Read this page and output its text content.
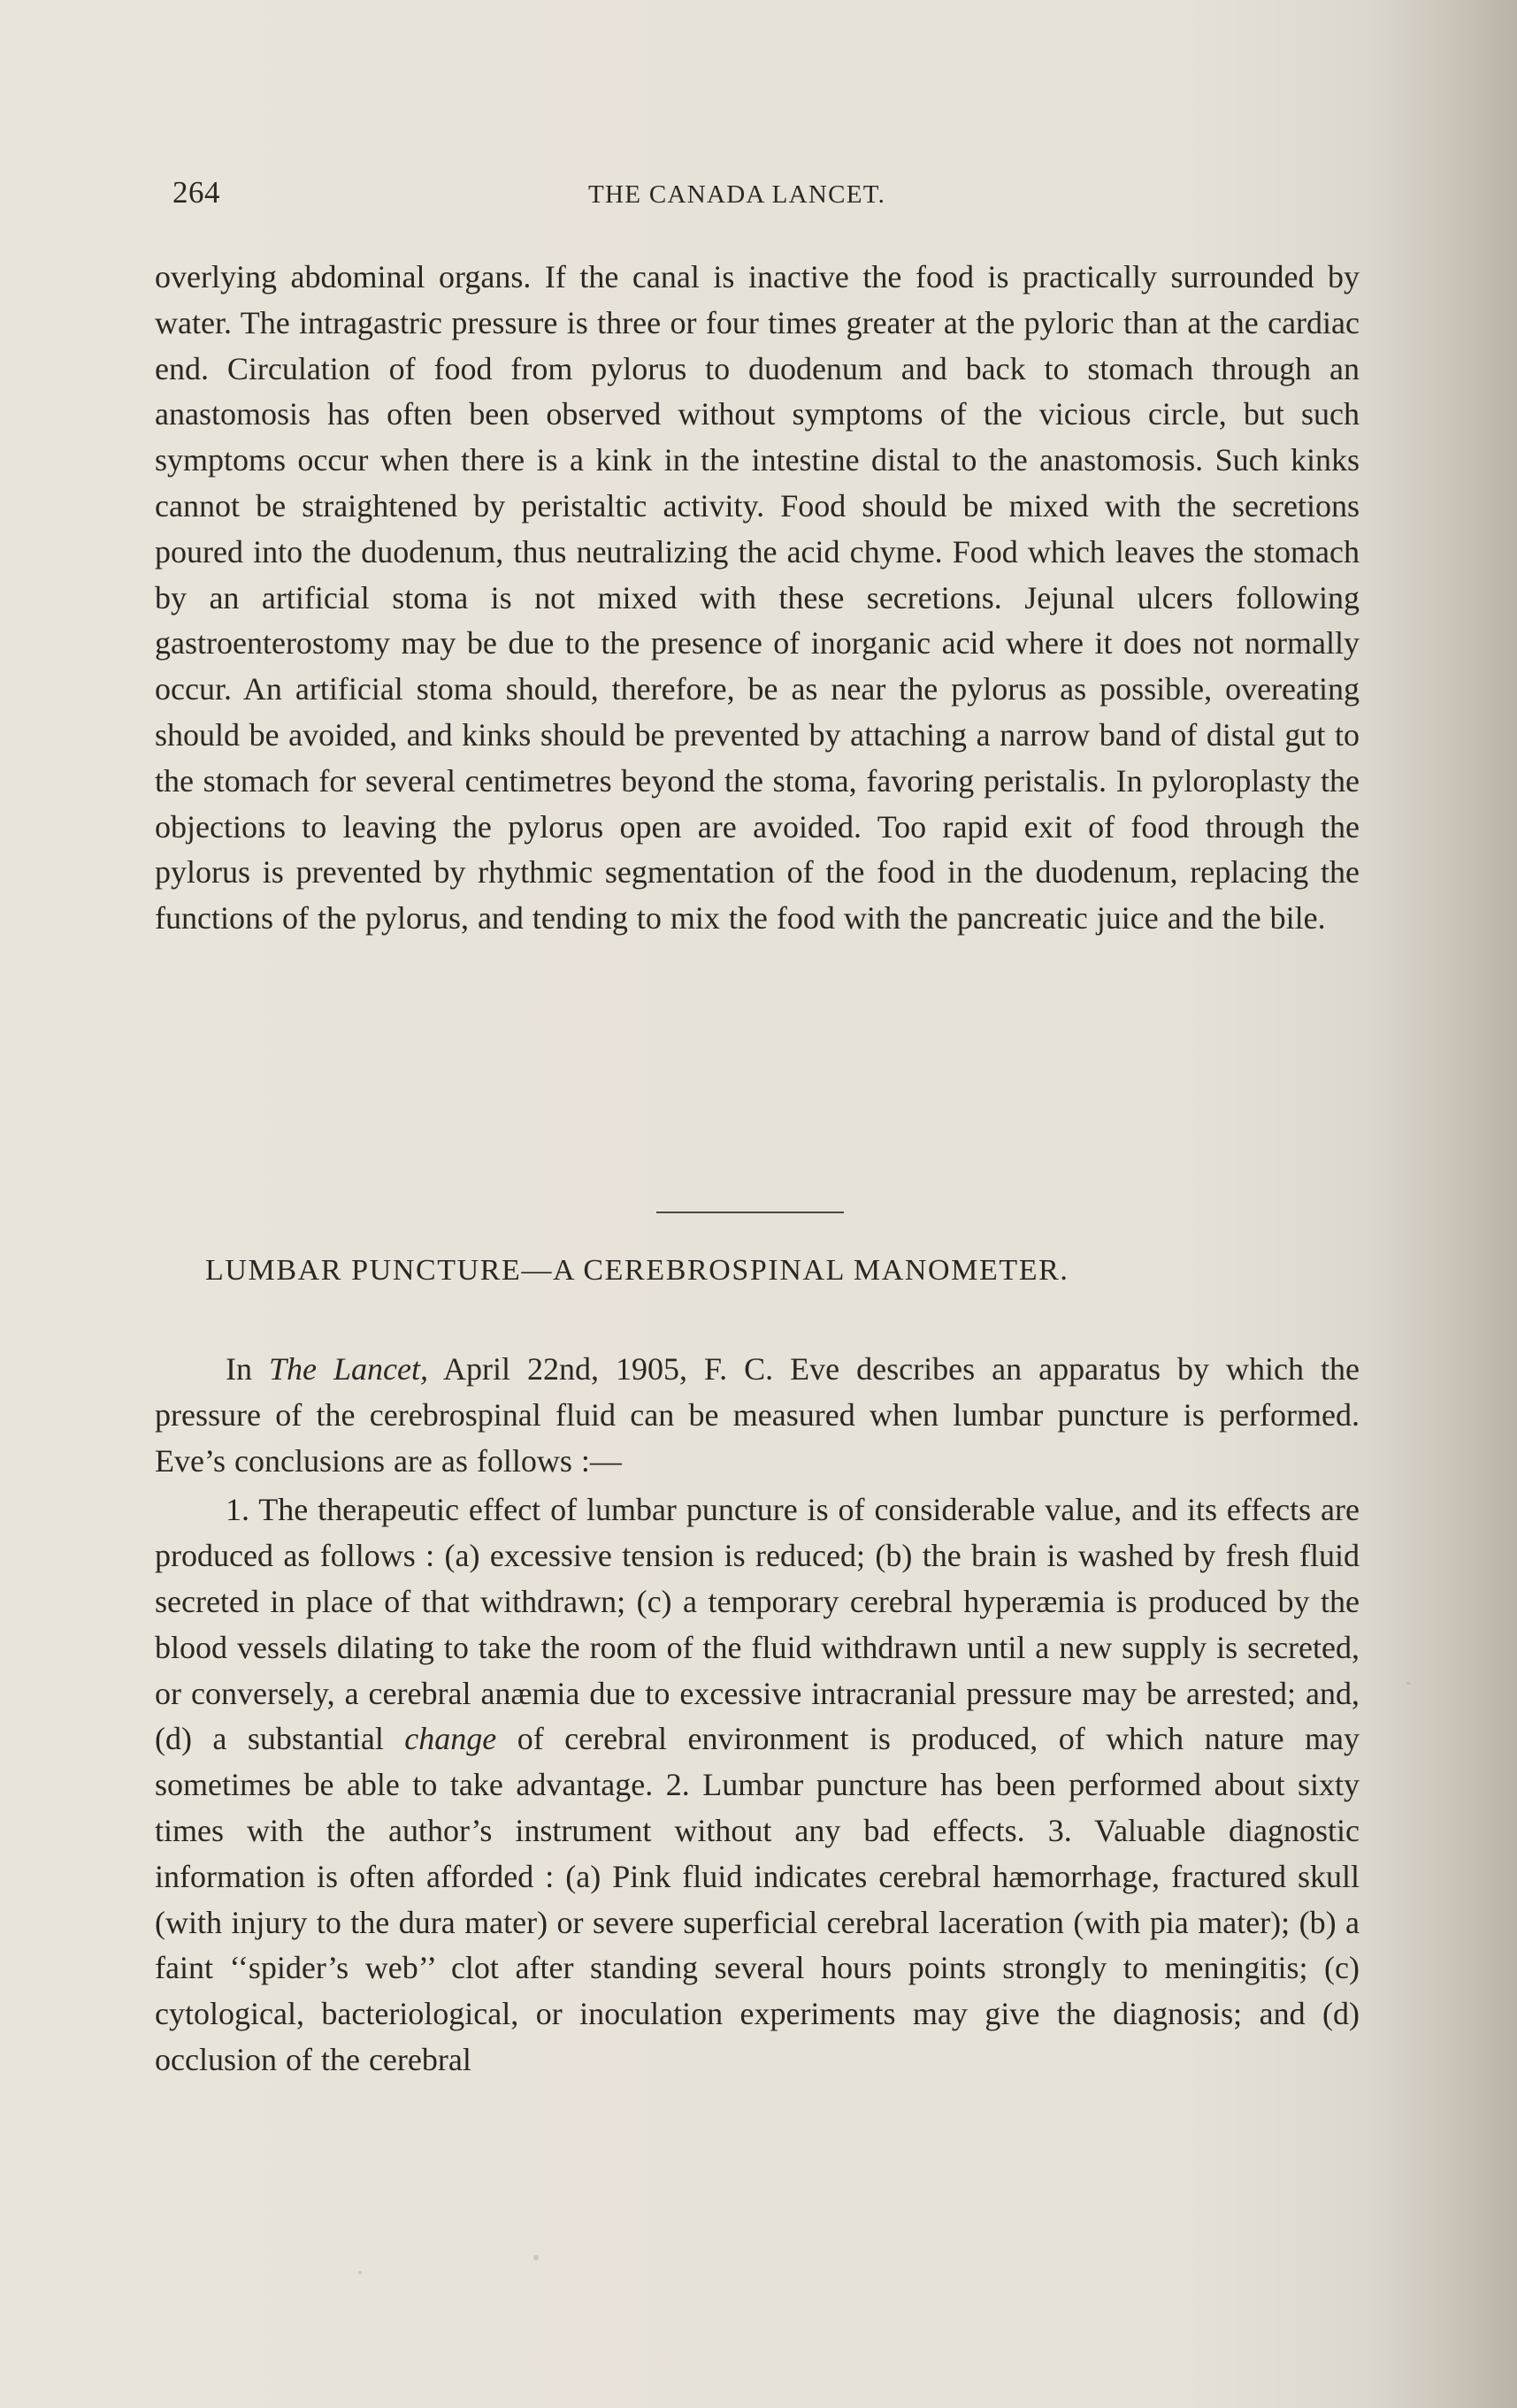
264	THE CANADA LANCET.

overlying abdominal organs. If the canal is inactive the food is practically surrounded by water. The intragastric pressure is three or four times greater at the pyloric than at the cardiac end. Circulation of food from pylorus to duodenum and back to stomach through an anastomosis has often been observed without symptoms of the vicious circle, but such symptoms occur when there is a kink in the intestine distal to the anastomosis. Such kinks cannot be straightened by peristaltic activity. Food should be mixed with the secretions poured into the duodenum, thus neutralizing the acid chyme. Food which leaves the stomach by an artificial stoma is not mixed with these secretions. Jejunal ulcers following gastroenterostomy may be due to the presence of inorganic acid where it does not normally occur. An artificial stoma should, therefore, be as near the pylorus as possible, overeating should be avoided, and kinks should be prevented by attaching a narrow band of distal gut to the stomach for several centimetres beyond the stoma, favoring peristalis. In pyloroplasty the objections to leaving the pylorus open are avoided. Too rapid exit of food through the pylorus is prevented by rhythmic segmentation of the food in the duodenum, replacing the functions of the pylorus, and tending to mix the food with the pancreatic juice and the bile.

LUMBAR PUNCTURE—A CEREBROSPINAL MANOMETER.

In The Lancet, April 22nd, 1905, F. C. Eve describes an apparatus by which the pressure of the cerebrospinal fluid can be measured when lumbar puncture is performed. Eve’s conclusions are as follows :—

1. The therapeutic effect of lumbar puncture is of considerable value, and its effects are produced as follows : (a) excessive tension is reduced; (b) the brain is washed by fresh fluid secreted in place of that withdrawn; (c) a temporary cerebral hyperæmia is produced by the blood vessels dilating to take the room of the fluid withdrawn until a new supply is secreted, or conversely, a cerebral anæmia due to excessive intracranial pressure may be arrested; and, (d) a substantial change of cerebral environment is produced, of which nature may sometimes be able to take advantage. 2. Lumbar puncture has been performed about sixty times with the author’s instrument without any bad effects. 3. Valuable diagnostic information is often afforded : (a) Pink fluid indicates cerebral hæmorrhage, fractured skull (with injury to the dura mater) or severe superficial cerebral laceration (with pia mater); (b) a faint ‘‘spider’s web’’ clot after standing several hours points strongly to meningitis; (c) cytological, bacteriological, or inoculation experiments may give the diagnosis; and (d) occlusion of the cerebral
